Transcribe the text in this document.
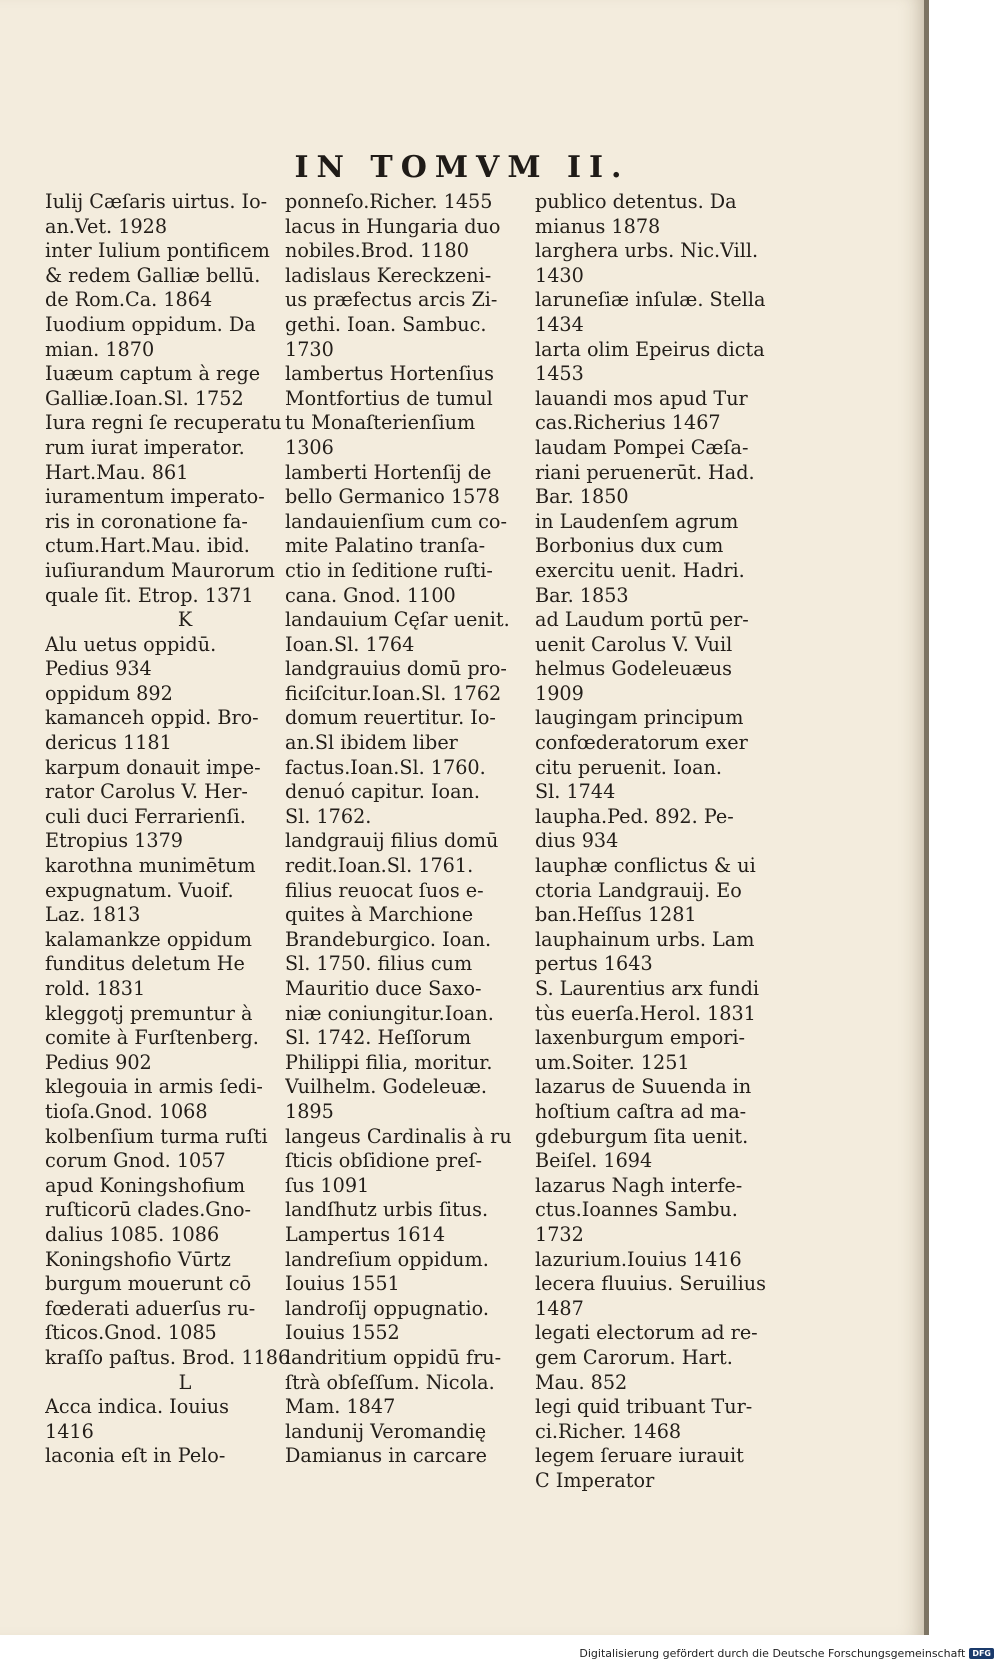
IN TOMVM II.
Iulij Cæſaris uirtus. Io-
an.Vet. 1928
inter Iulium pontificem
& redem Galliæ bellū.
de Rom.Ca. 1864
Iuodium oppidum. Da
mian. 1870
Iuæum captum à rege
Galliæ.Ioan.Sl. 1752
Iura regni ſe recuperatu
rum iurat imperator.
Hart.Mau. 861
iuramentum imperato-
ris in coronatione fa-
ctum.Hart.Mau. ibid.
iuſiurandum Maurorum
quale ſit. Etrop. 1371
K
Alu uetus oppidū.
Pedius 934
oppidum 892
kamanceh oppid. Bro-
dericus 1181
karpum donauit impe-
rator Carolus V. Her-
culi duci Ferrarienſi.
Etropius 1379
karothna munimētum
expugnatum. Vuoif.
Laz. 1813
kalamankze oppidum
funditus deletum He
rold. 1831
kleggotj premuntur à
comite à Furſtenberg.
Pedius 902
klegouia in armis ſedi-
tioſa.Gnod. 1068
kolbenſium turma ruſti
corum Gnod. 1057
apud Koningshofium
ruſticorū clades.Gno-
dalius 1085. 1086
Koningshofio Vūrtz
burgum mouerunt cō
fœderati aduerſus ru-
ſticos.Gnod. 1085
kraſſo paſtus. Brod. 1186
L
Acca indica. Iouius
1416
laconia eſt in Pelo-
ponneſo.Richer. 1455
lacus in Hungaria duo
nobiles.Brod. 1180
ladislaus Kereckzeni-
us præfectus arcis Zi-
gethi. Ioan. Sambuc.
1730
lambertus Hortenſius
Montfortius de tumul
tu Monaſterienſium
1306
lamberti Hortenſij de
bello Germanico 1578
landauienſium cum co-
mite Palatino tranſa-
ctio in ſeditione ruſti-
cana. Gnod. 1100
landauium Cęſar uenit.
Ioan.Sl. 1764
landgrauius domū pro-
ficiſcitur.Ioan.Sl. 1762
domum reuertitur. Io-
an.Sl ibidem liber
factus.Ioan.Sl. 1760.
denuó capitur. Ioan.
Sl. 1762.
landgrauij filius domū
redit.Ioan.Sl. 1761.
filius reuocat ſuos e-
quites à Marchione
Brandeburgico. Ioan.
Sl. 1750. filius cum
Mauritio duce Saxo-
niæ coniungitur.Ioan.
Sl. 1742. Heſſorum
Philippi filia, moritur.
Vuilhelm. Godeleuæ.
1895
langeus Cardinalis à ru
ſticis obſidione preſ-
ſus 1091
landſhutz urbis ſitus.
Lampertus 1614
landreſium oppidum.
Iouius 1551
landroſij oppugnatio.
Iouius 1552
landritium oppidū fru-
ſtrà obſeſſum. Nicola.
Mam. 1847
landunij Veromandię
Damianus in carcare
publico detentus. Da
mianus 1878
larghera urbs. Nic.Vill.
1430
laruneſiæ inſulæ. Stella
1434
larta olim Epeirus dicta
1453
lauandi mos apud Tur
cas.Richerius 1467
laudam Pompei Cæſa-
riani peruenerūt. Had.
Bar. 1850
in Laudenſem agrum
Borbonius dux cum
exercitu uenit. Hadri.
Bar. 1853
ad Laudum portū per-
uenit Carolus V. Vuil
helmus Godeleuæus
1909
laugingam principum
confœderatorum exer
citu peruenit. Ioan.
Sl. 1744
laupha.Ped. 892. Pe-
dius 934
lauphæ conflictus & ui
ctoria Landgrauij. Eo
ban.Heſſus 1281
lauphainum urbs. Lam
pertus 1643
S. Laurentius arx fundi
tùs euerſa.Herol. 1831
laxenburgum empori-
um.Soiter. 1251
lazarus de Suuenda in
hoſtium caſtra ad ma-
gdeburgum ſita uenit.
Beiſel. 1694
lazarus Nagh interfe-
ctus.Ioannes Sambu.
1732
lazurium.Iouius 1416
lecera fluuius. Seruilius
1487
legati electorum ad re-
gem Carorum. Hart.
Mau. 852
legi quid tribuant Tur-
ci.Richer. 1468
legem ſeruare iurauit
C Imperator
Digitalisierung gefördert durch die Deutsche Forschungsgemeinschaft DFG
